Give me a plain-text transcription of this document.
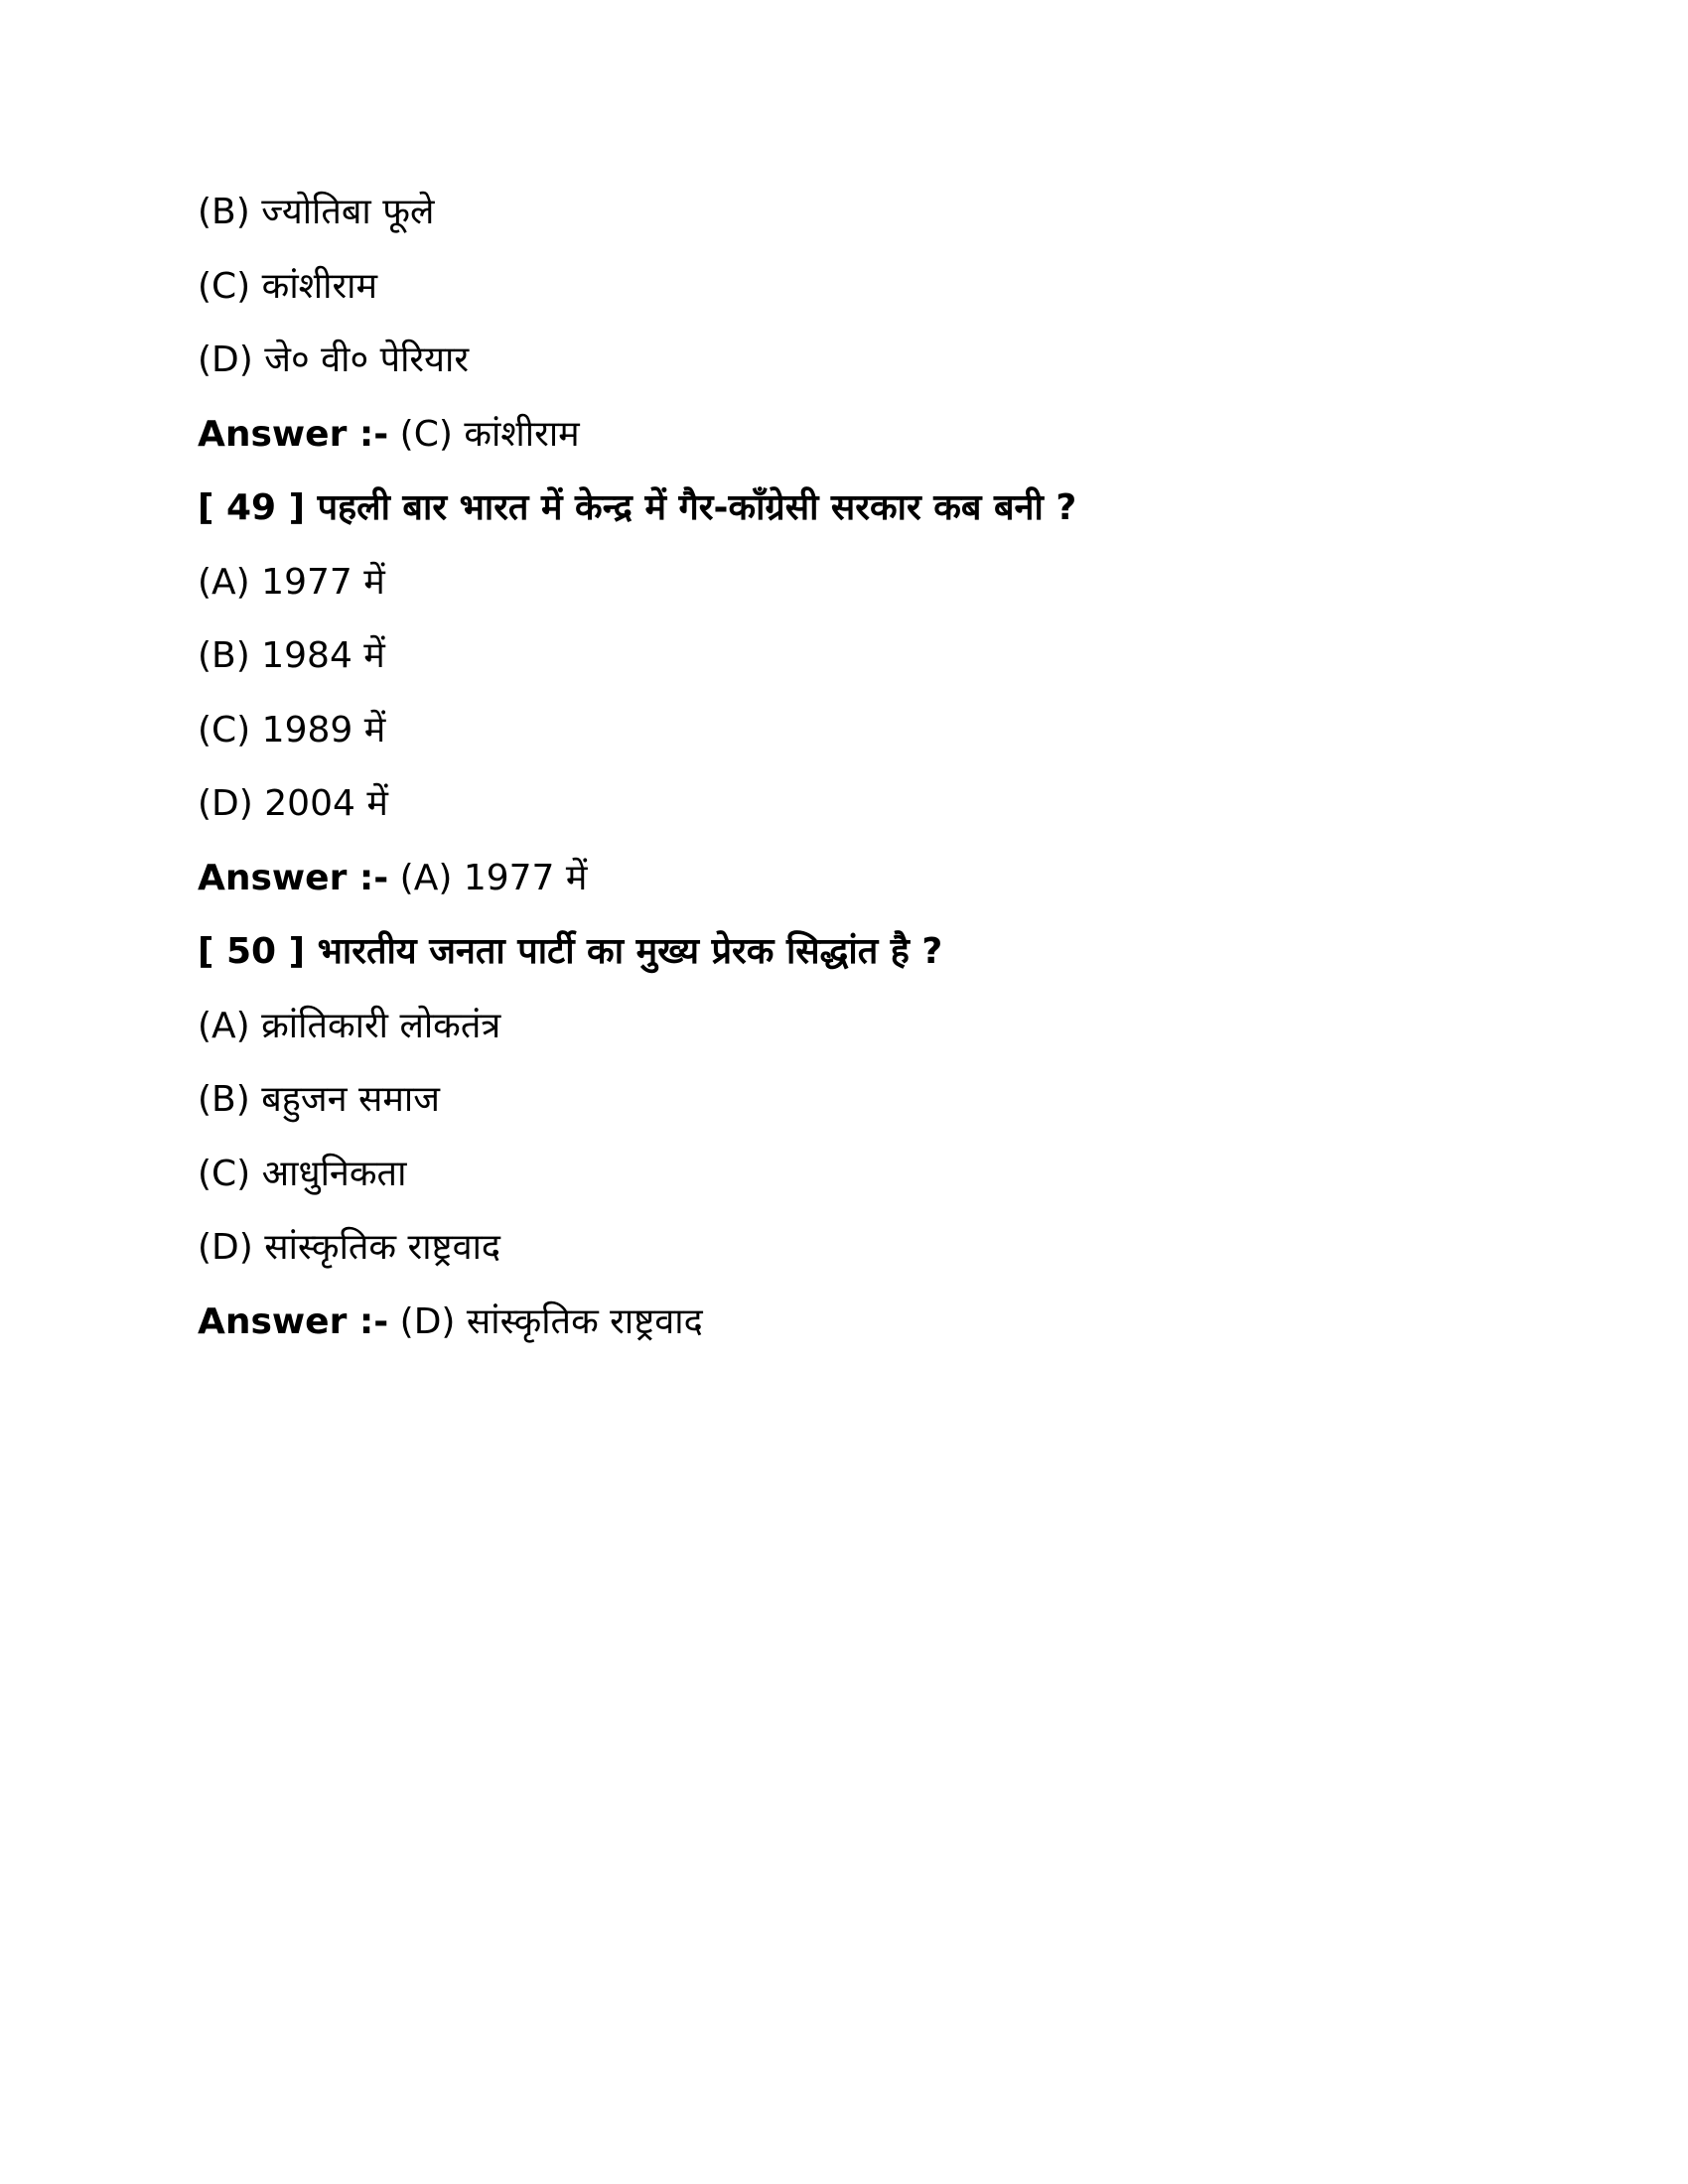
(B) ज्योतिबा फूले
(C) कांशीराम
(D) जे० वी० पेरियार
Answer :- (C) कांशीराम
[ 49 ] पहली बार भारत में केन्द्र में गैर-काँग्रेसी सरकार कब बनी ?
(A) 1977 में
(B) 1984 में
(C) 1989 में
(D) 2004 में
Answer :- (A) 1977 में
[ 50 ] भारतीय जनता पार्टी का मुख्य प्रेरक सिद्धांत है ?
(A) क्रांतिकारी लोकतंत्र
(B) बहुजन समाज
(C) आधुनिकता
(D) सांस्कृतिक राष्ट्रवाद
Answer :- (D) सांस्कृतिक राष्ट्रवाद
